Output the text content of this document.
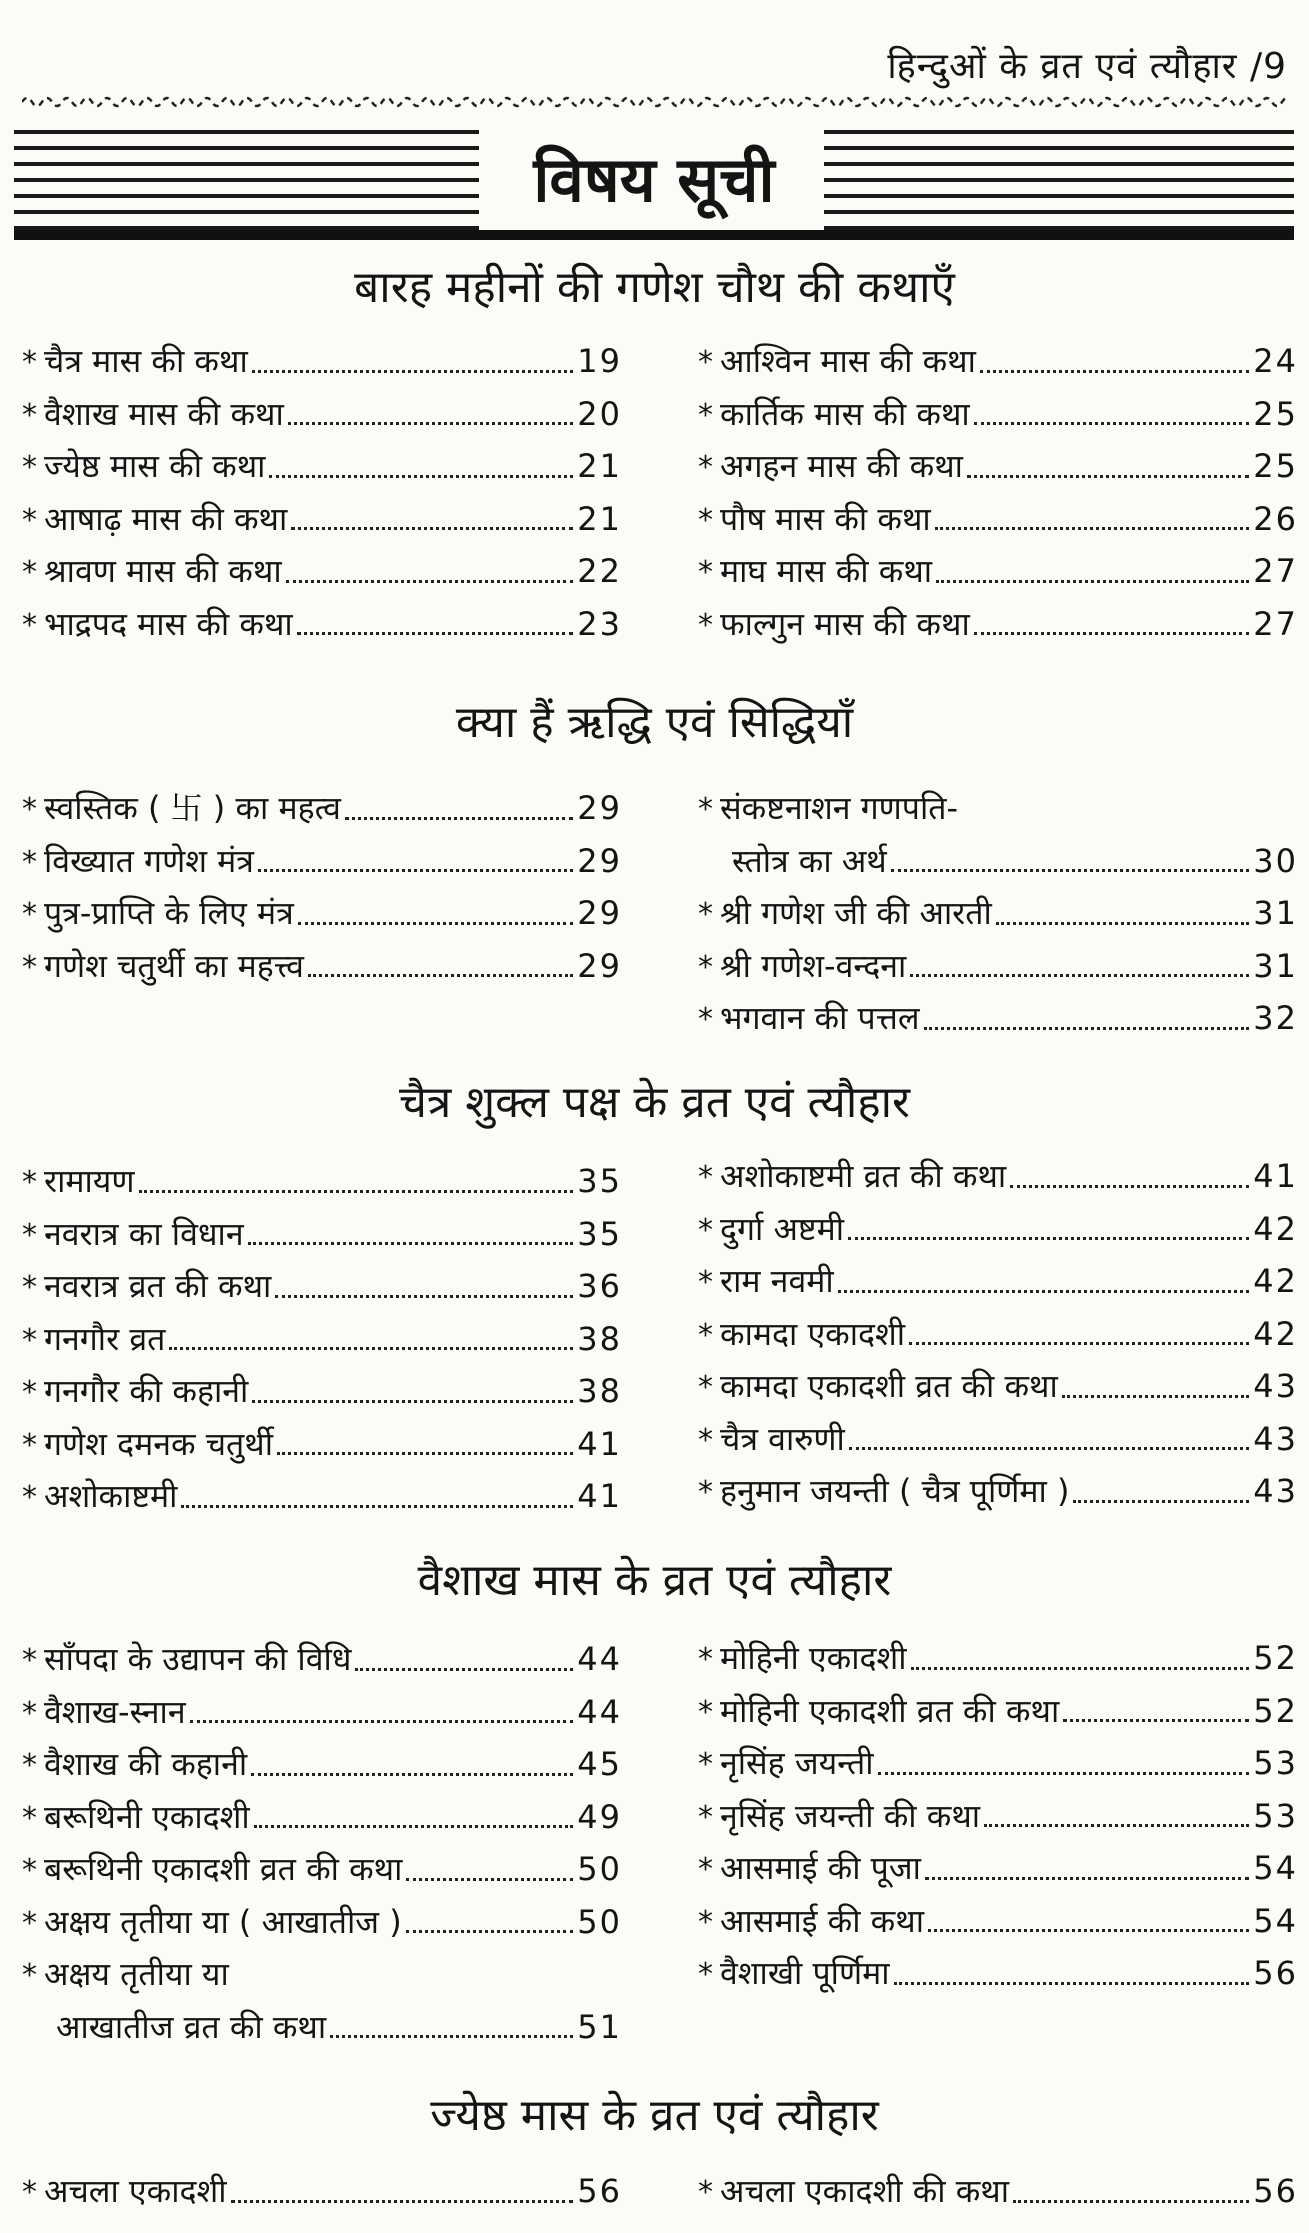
हिन्दुओं के व्रत एवं त्यौहार /9
विषय सूची
बारह महीनों की गणेश चौथ की कथाएँ
* चैत्र मास की कथा	19
* वैशाख मास की कथा	20
* ज्येष्ठ मास की कथा	21
* आषाढ़ मास की कथा	21
* श्रावण मास की कथा	22
* भाद्रपद मास की कथा	23
* आश्विन मास की कथा	24
* कार्तिक मास की कथा	25
* अगहन मास की कथा	25
* पौष मास की कथा	26
* माघ मास की कथा	27
* फाल्गुन मास की कथा	27
क्या हैं ऋद्धि एवं सिद्धियाँ
* स्वस्तिक ( 卐 ) का महत्व	29
* विख्यात गणेश मंत्र	29
* पुत्र-प्राप्ति के लिए मंत्र	29
* गणेश चतुर्थी का महत्त्व	29
* संकष्टनाशन गणपति-
स्तोत्र का अर्थ	30
* श्री गणेश जी की आरती	31
* श्री गणेश-वन्दना	31
* भगवान की पत्तल	32
चैत्र शुक्ल पक्ष के व्रत एवं त्यौहार
* रामायण	35
* नवरात्र का विधान	35
* नवरात्र व्रत की कथा	36
* गनगौर व्रत	38
* गनगौर की कहानी	38
* गणेश दमनक चतुर्थी	41
* अशोकाष्टमी	41
* अशोकाष्टमी व्रत की कथा	41
* दुर्गा अष्टमी	42
* राम नवमी	42
* कामदा एकादशी	42
* कामदा एकादशी व्रत की कथा	43
* चैत्र वारुणी	43
* हनुमान जयन्ती ( चैत्र पूर्णिमा )	43
वैशाख मास के व्रत एवं त्यौहार
* साँपदा के उद्यापन की विधि	44
* वैशाख-स्नान	44
* वैशाख की कहानी	45
* बरूथिनी एकादशी	49
* बरूथिनी एकादशी व्रत की कथा	50
* अक्षय तृतीया या ( आखातीज )	50
* अक्षय तृतीया या
आखातीज व्रत की कथा	51
* मोहिनी एकादशी	52
* मोहिनी एकादशी व्रत की कथा	52
* नृसिंह जयन्ती	53
* नृसिंह जयन्ती की कथा	53
* आसमाई की पूजा	54
* आसमाई की कथा	54
* वैशाखी पूर्णिमा	56
ज्येष्ठ मास के व्रत एवं त्यौहार
* अचला एकादशी	56	* अचला एकादशी की कथा	56
